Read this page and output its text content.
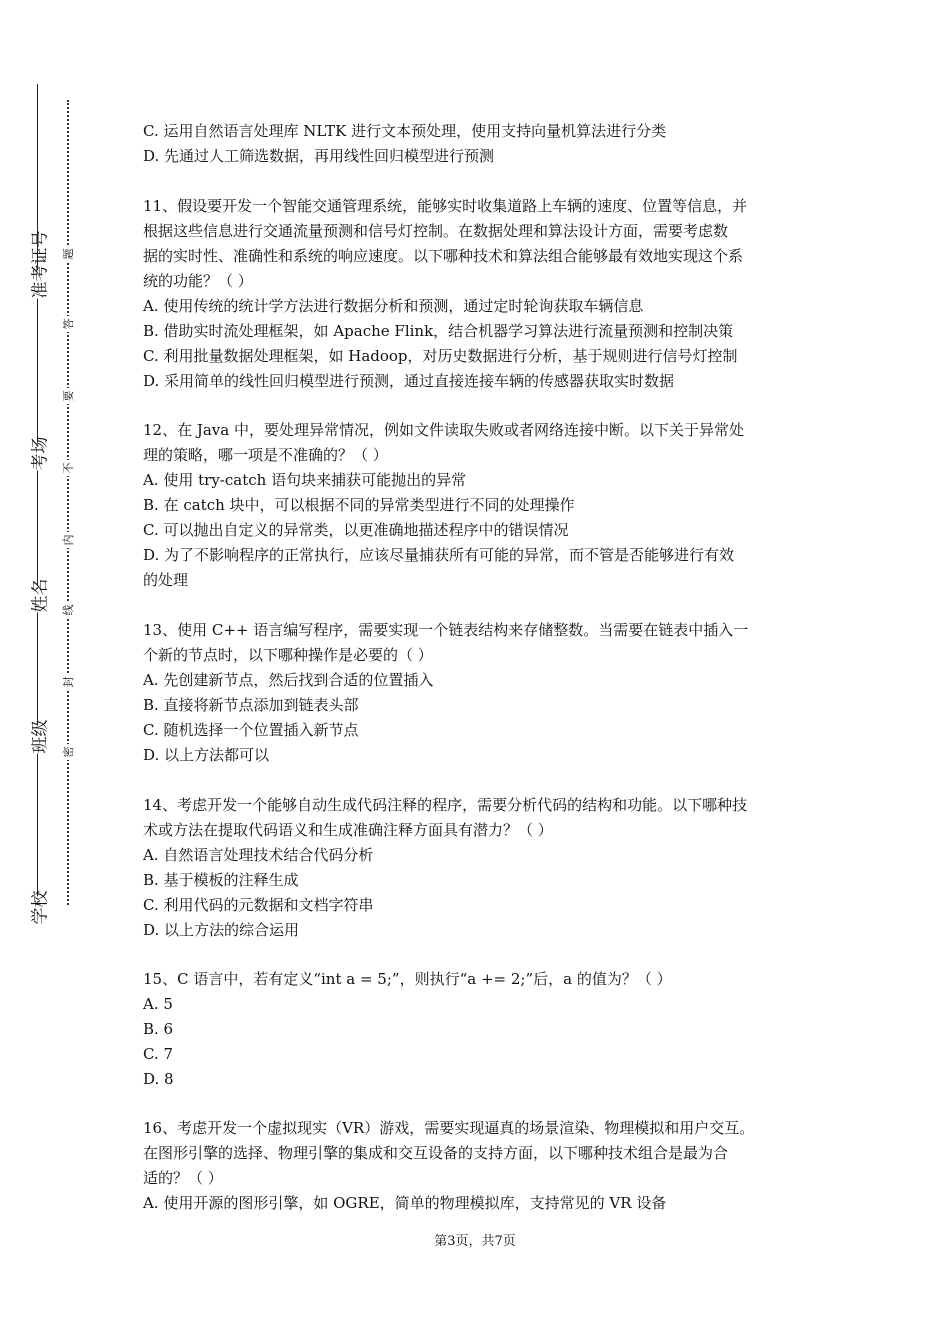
准考证号
考场
姓名
班级
学校
题
答
要
不
内
线
封
密
C. 运用自然语言处理库 NLTK 进行文本预处理，使用支持向量机算法进行分类
D. 先通过人工筛选数据，再用线性回归模型进行预测
11、假设要开发一个智能交通管理系统，能够实时收集道路上车辆的速度、位置等信息，并
根据这些信息进行交通流量预测和信号灯控制。在数据处理和算法设计方面，需要考虑数
据的实时性、准确性和系统的响应速度。以下哪种技术和算法组合能够最有效地实现这个系
统的功能？（ ）
A. 使用传统的统计学方法进行数据分析和预测，通过定时轮询获取车辆信息
B. 借助实时流处理框架，如 Apache Flink，结合机器学习算法进行流量预测和控制决策
C. 利用批量数据处理框架，如 Hadoop，对历史数据进行分析，基于规则进行信号灯控制
D. 采用简单的线性回归模型进行预测，通过直接连接车辆的传感器获取实时数据
12、在 Java 中，要处理异常情况，例如文件读取失败或者网络连接中断。以下关于异常处
理的策略，哪一项是不准确的？（ ）
A. 使用 try-catch 语句块来捕获可能抛出的异常
B. 在 catch 块中，可以根据不同的异常类型进行不同的处理操作
C. 可以抛出自定义的异常类，以更准确地描述程序中的错误情况
D. 为了不影响程序的正常执行，应该尽量捕获所有可能的异常，而不管是否能够进行有效
的处理
13、使用 C++ 语言编写程序，需要实现一个链表结构来存储整数。当需要在链表中插入一
个新的节点时，以下哪种操作是必要的（ ）
A. 先创建新节点，然后找到合适的位置插入
B. 直接将新节点添加到链表头部
C. 随机选择一个位置插入新节点
D. 以上方法都可以
14、考虑开发一个能够自动生成代码注释的程序，需要分析代码的结构和功能。以下哪种技
术或方法在提取代码语义和生成准确注释方面具有潜力？（ ）
A. 自然语言处理技术结合代码分析
B. 基于模板的注释生成
C. 利用代码的元数据和文档字符串
D. 以上方法的综合运用
15、C 语言中，若有定义“int a = 5;”，则执行“a += 2;”后，a 的值为？（ ）
A. 5
B. 6
C. 7
D. 8
16、考虑开发一个虚拟现实（VR）游戏，需要实现逼真的场景渲染、物理模拟和用户交互。
在图形引擎的选择、物理引擎的集成和交互设备的支持方面，以下哪种技术组合是最为合
适的？（ ）
A. 使用开源的图形引擎，如 OGRE，简单的物理模拟库，支持常见的 VR 设备
第3页，共7页
